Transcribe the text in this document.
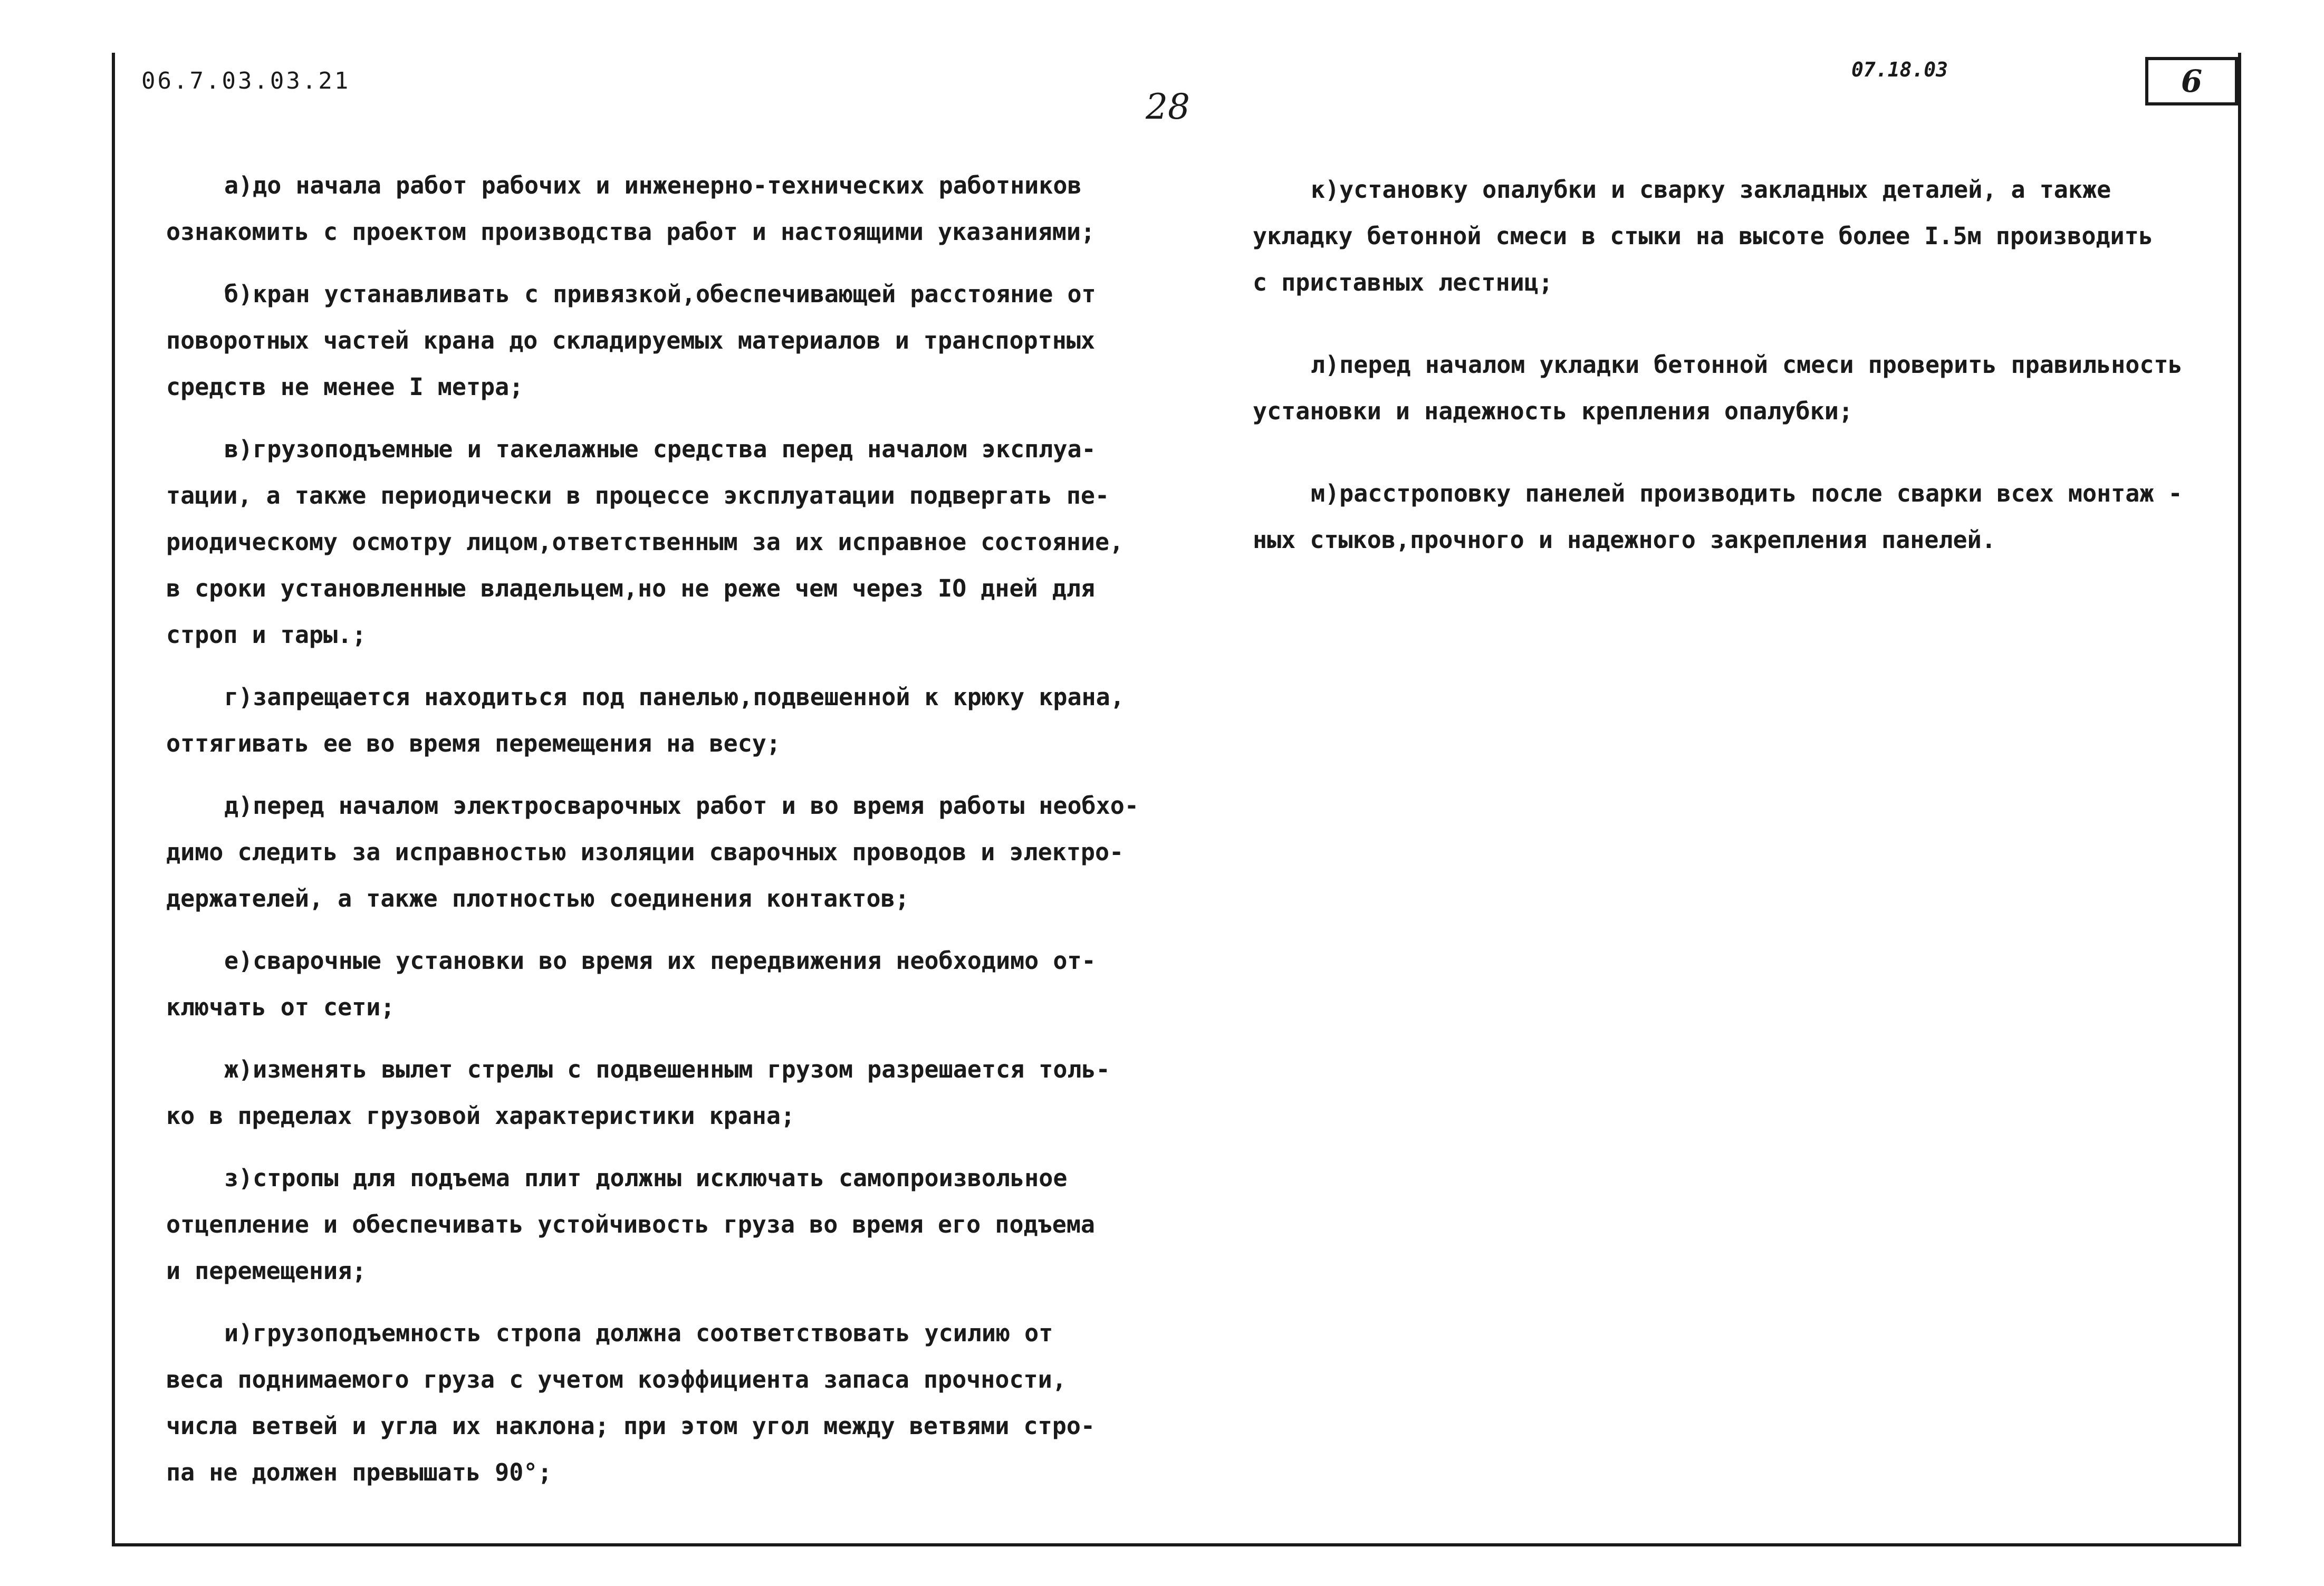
06.7.03.03.21	07.18.03
28
6

а)до начала работ рабочих и инженерно-технических работников
ознакомить с проектом производства работ и настоящими указаниями;

б)кран устанавливать с привязкой,обеспечивающей расстояние от
поворотных частей крана до складируемых материалов и транспортных
средств не менее I метра;

в)грузоподъемные и такелажные средства перед началом эксплуа-
тации, а также периодически в процессе эксплуатации подвергать пе-
риодическому осмотру лицом,ответственным за их исправное состояние,
в сроки установленные владельцем,но не реже чем через IО дней для
строп и тары.;

г)запрещается находиться под панелью,подвешенной к крюку крана,
оттягивать ее во время перемещения на весу;

д)перед началом электросварочных работ и во время работы необхо-
димо следить за исправностью изоляции сварочных проводов и электро-
держателей, а также плотностью соединения контактов;

е)сварочные установки во время их передвижения необходимо от-
ключать от сети;

ж)изменять вылет стрелы с подвешенным грузом разрешается толь-
ко в пределах грузовой характеристики крана;

з)стропы для подъема плит должны исключать самопроизвольное
отцепление и обеспечивать устойчивость груза во время его подъема
и перемещения;

и)грузоподъемность стропа должна соответствовать усилию от
веса поднимаемого груза с учетом коэффициента запаса прочности,
числа ветвей и угла их наклона; при этом угол между ветвями стро-
па не должен превышать 90°;

к)установку опалубки и сварку закладных деталей, а также
укладку бетонной смеси в стыки на высоте более I.5м производить
с приставных лестниц;

л)перед началом укладки бетонной смеси проверить правильность
установки и надежность крепления опалубки;

м)расстроповку панелей производить после сварки всех монтаж -
ных стыков,прочного и надежного закрепления панелей.
